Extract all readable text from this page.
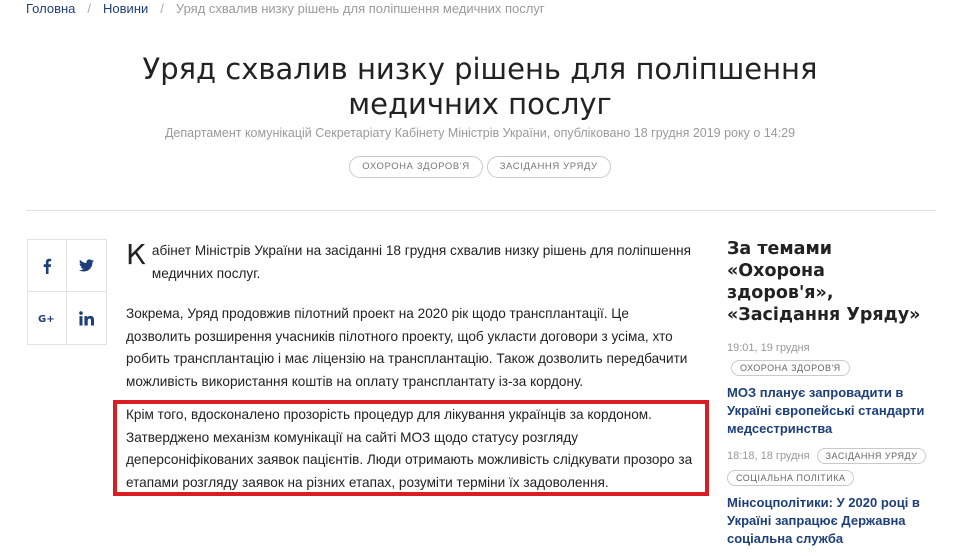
Головна / Новини / Уряд схвалив низку рішень для поліпшення медичних послуг
Уряд схвалив низку рішень для поліпшення
медичних послуг
Департамент комунікацій Секретаріату Кабінету Міністрів України, опубліковано 18 грудня 2019 року о 14:29
ОХОРОНА ЗДОРОВ'Я	ЗАСІДАННЯ УРЯДУ
G+

Кабінет Міністрів України на засіданні 18 грудня схвалив низку рішень для поліпшення
медичних послуг.

Зокрема, Уряд продовжив пілотний проект на 2020 рік щодо трансплантації. Це дозволить розширення учасників пілотного проекту, щоб укласти договори з усіма, хто робить трансплантацію і має ліцензію на трансплантацію. Також дозволить передбачити можливість використання коштів на оплату трансплантату із-за кордону.

Крім того, вдосконалено прозорість процедур для лікування українців за кордоном. Затверджено механізм комунікації на сайті МОЗ щодо статусу розгляду деперсоніфікованих заявок пацієнтів. Люди отримають можливість слідкувати прозоро за етапами розгляду заявок на різних етапах, розуміти терміни їх задоволення.

За темами «Охорона здоров'я», «Засідання Уряду»
19:01, 19 грудня ОХОРОНА ЗДОРОВ'Я
МОЗ планує запровадити в Україні європейські стандарти медсестринства
18:18, 18 грудня ЗАСІДАННЯ УРЯДУ
СОЦІАЛЬНА ПОЛІТИКА
Мінсоцполітики: У 2020 році в Україні запрацює Державна соціальна служба
